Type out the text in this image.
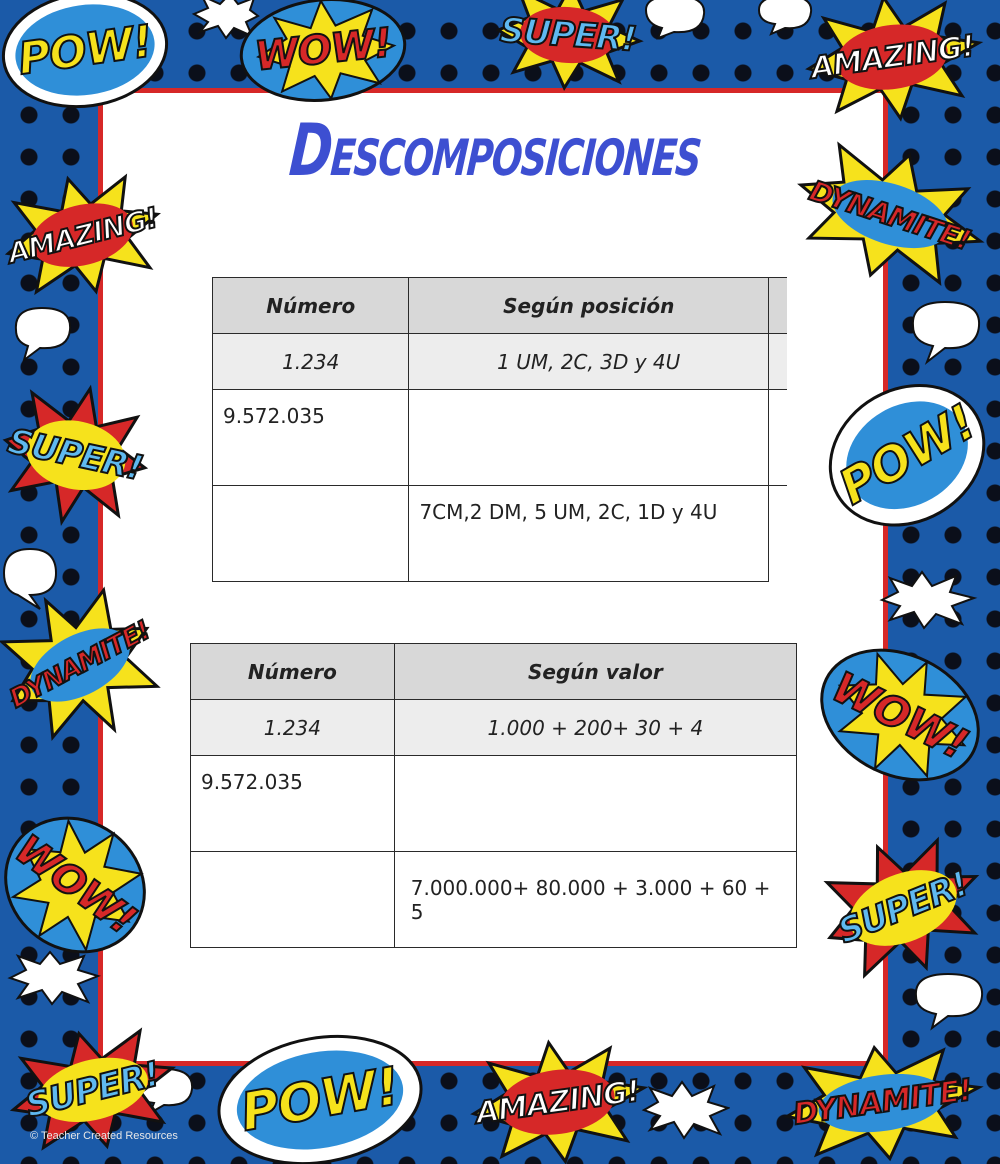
POW!	WOW!	SUPER!	AMAZING!
AMAZING!	DYNAMITE!
SUPER!	POW!
DYNAMITE!	WOW!
WOW!	SUPER!
SUPER!	POW!	AMAZING!	DYNAMITE!
Descomposiciones
Número	Según posición	
1.234	1 UM, 2C, 3D y 4U	
9.572.035		
	7CM,2 DM, 5 UM, 2C, 1D y 4U	
Número	Según valor
1.234	1.000 + 200+ 30 + 4
9.572.035	
	7.000.000+ 80.000 + 3.000 + 60 + 5
© Teacher Created Resources
